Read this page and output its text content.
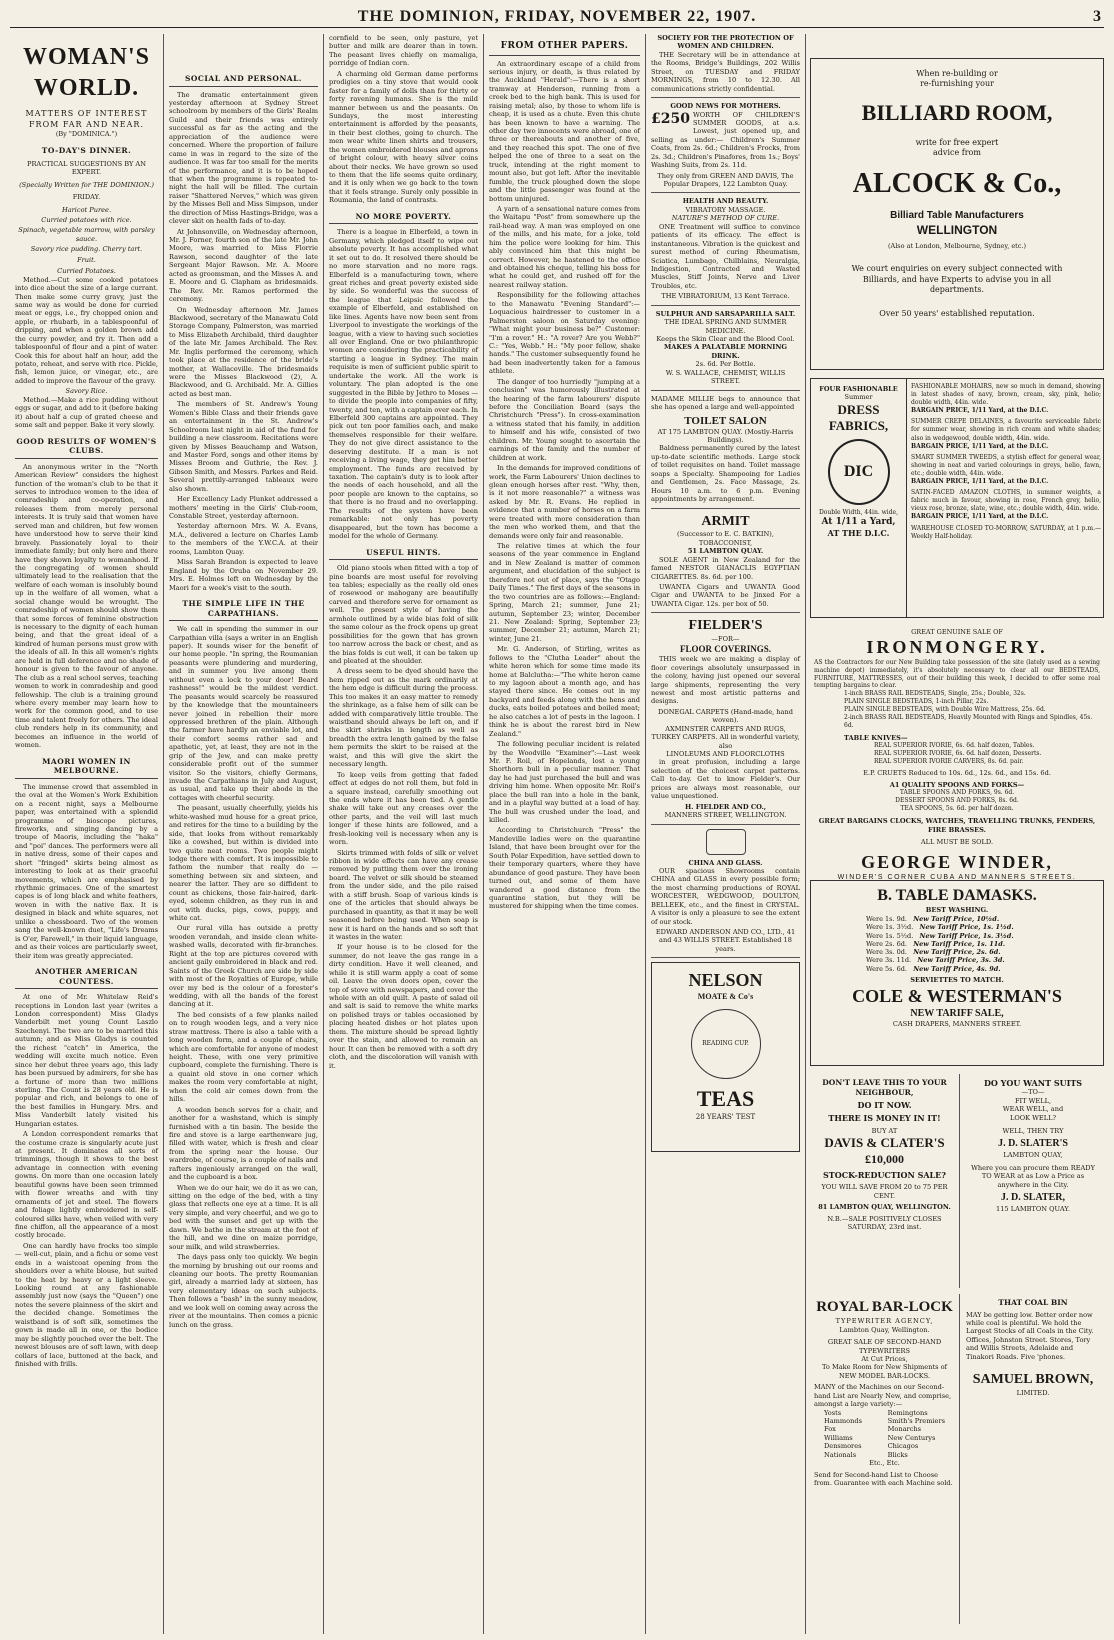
THE DOMINION, FRIDAY, NOVEMBER 22, 1907.	3
WOMAN'S WORLD.
MATTERS OF INTEREST FROM FAR AND NEAR.
(By "DOMINICA.")
TO-DAY'S DINNER.
PRACTICAL SUGGESTIONS BY AN EXPERT.
(Specially Written for THE DOMINION.)
FRIDAY.
Haricot Puree.
Curried potatoes with rice.
Spinach, vegetable marrow, with parsley sauce.
Savory rice pudding. Cherry tart.
Fruit.
Curried Potatoes.

Method.—Cut some cooked potatoes into dice about the size of a large currant. Then make some curry gravy, just the same way as would be done for curried meat or eggs, i.e., fry chopped onion and apple, or rhubarb, in a tablespoonful of dripping, and when a golden brown add the curry powder, and fry it. Then add a tablespoonful of flour and a pint of water. Cook this for about half an hour, add the potato, reheat, and serve with rice. Pickle, fish, lemon juice, or vinegar, etc., are added to improve the flavour of the gravy.

Savory Rice.

Method.—Make a rice pudding without eggs or sugar, and add to it (before baking it) about half a cup of grated cheese and some salt and pepper. Bake it very slowly.

GOOD RESULTS OF WOMEN'S CLUBS.

An anonymous writer in the "North American Review" considers the highest function of the woman's club to be that it serves to introduce women to the idea of comradeship and co-operation, and releases them from merely personal interests. It is truly said that women have served man and children, but few women have understood how to serve their kind bravely. Passionately loyal to their immediate family; but only here and there have they shown loyalty to womanhood. If the congregating of women should ultimately lead to the realisation that the welfare of each woman is insolubly bound up in the welfare of all women, what a social change would be wrought. The comradeship of women should show them that some forces of feminine obstruction is necessary to the dignity of each human being, and that the great ideal of a kindred of human persons must grow with the ideals of all. In this all women's rights are held in full deference and no shade of honour is given to the favour of anyone. The club as a real school serves, teaching women to work in comradeship and good fellowship. The club is a training ground where every member may learn how to work for the common good, and to use time and talent freely for others. The ideal club renders help in its community, and becomes an influence in the world of women.

MAORI WOMEN IN MELBOURNE.

The immense crowd that assembled in the oval at the Women's Work Exhibition on a recent night, says a Melbourne paper, was entertained with a splendid programme of bioscope pictures, fireworks, and singing dancing by a troupe of Maoris, including the "haka" and "poi" dances. The performers were all in native dress, some of their capes and short "fringed" skirts being almost as interesting to look at as their graceful movements, which are emphasised by rhythmic grimaces. One of the smartest capes is of long black and white feathers, woven in with the native flax. It is designed in black and white squares, not unlike a chessboard. Two of the women sang the well-known duet, "Life's Dreams is O'er, Farewell," in their liquid language, and as their voices are particularly sweet, their item was greatly appreciated.

ANOTHER AMERICAN COUNTESS.

At one of Mr. Whitelaw Reid's receptions in London last year (writes a London correspondent) Miss Gladys Vanderbilt met young Count Laszlo Szechenyi. The two are to be married this autumn; and as Miss Gladys is counted the richest "catch" in America, the wedding will excite much notice. Even since her debut three years ago, this lady has been pursued by admirers, for she has a fortune of more than two millions sterling. The Count is 28 years old. He is popular and rich, and belongs to one of the best families in Hungary. Mrs. and Miss Vanderbilt lately visited his Hungarian estates.

A London correspondent remarks that the costume craze is singularly acute just at present. It dominates all sorts of trimmings, though it shows to the best advantage in connection with evening gowns. On more than one occasion lately beautiful gowns have been seen trimmed with flower wreaths and with tiny ornaments of jet and steel. The flowers and foliage lightly embroidered in self-coloured silks have, when veiled with very fine chiffon, all the appearance of a most costly brocade.

One can hardly have frocks too simple — well-cut, plain, and a fichu or some vest ends in a waistcoat opening from the shoulders over a white blouse, but suited to the heat by heavy or a light sleeve. Looking round at any fashionable assembly just now (says the "Queen") one notes the severe plainness of the skirt and the decided change. Sometimes the waistband is of soft silk, sometimes the gown is made all in one, or the bodice may be slightly pouched over the belt. The newest blouses are of soft lawn, with deep collars of lace, buttoned at the back, and finished with frills.

SOCIAL AND PERSONAL.

The dramatic entertainment given yesterday afternoon at Sydney Street schoolroom by members of the Girls' Realm Guild and their friends was entirely successful as far as the acting and the appreciation of the audience were concerned. Where the proportion of failure came in was in regard to the size of the audience. It was far too small for the merits of the performance, and it is to be hoped that when the programme is repeated to-night the hall will be filled. The curtain raiser "Shattered Nerves," which was given by the Misses Bell and Miss Simpson, under the direction of Miss Hastings-Bridge, was a clever skit on health fads of to-day.

At Johnsonville, on Wednesday afternoon, Mr. J. Forner, fourth son of the late Mr. John Moore, was married to Miss Florrie Rawson, second daughter of the late Sergeant Major Rawson. Mr. A. Moore acted as groomsman, and the Misses A. and E. Moore and G. Clapham as bridesmaids. The Rev. Mr. Ramos performed the ceremony.

On Wednesday afternoon Mr. James Blackwood, secretary of the Manawatu Cold Storage Company, Palmerston, was married to Miss Elizabeth Archibald, third daughter of the late Mr. James Archibald. The Rev. Mr. Inglis performed the ceremony, which took place at the residence of the bride's mother, at Wallaceville. The bridesmaids were the Misses Blackwood (2), A. Blackwood, and G. Archibald. Mr. A. Gillies acted as best man.

The members of St. Andrew's Young Women's Bible Class and their friends gave an entertainment in the St. Andrew's Schoolroom last night in aid of the fund for building a new classroom. Recitations were given by Misses Beauchamp and Watson, and Master Ford, songs and other items by Misses Broom and Guthrie, the Rev. J. Gibson Smith, and Messrs. Parkes and Reid. Several prettily-arranged tableaux were also shown.

Her Excellency Lady Plunket addressed a mothers' meeting in the Girls' Club-room, Constable Street, yesterday afternoon.

Yesterday afternoon Mrs. W. A. Evans, M.A., delivered a lecture on Charles Lamb to the members of the Y.W.C.A. at their rooms, Lambton Quay.

Miss Sarah Brandon is expected to leave England by the Oruba on November 29. Mrs. E. Holmes left on Wednesday by the Maori for a week's visit to the south.

THE SIMPLE LIFE IN THE CARPATHIANS.

We call in spending the summer in our Carpathian villa (says a writer in an English paper). It sounds wiser for the benefit of our home people. "In spring, the Roumanian peasants were plundering and murdering, and in summer you live among them without even a lock to your door! Beard rashness!" would be the mildest verdict. The peasants would scarcely be reassured by the knowledge that the mountaineers never joined in rebellion their more oppressed brethren of the plain. Although the farmer have hardly an enviable lot, and their comfort seems rather sad and apathetic, yet, at least, they are not in the grip of the Jew, and can make pretty considerable profit out of the summer visitor. So the visitors, chiefly Germans, invade the Carpathians in July and August, as usual, and take up their abode in the cottages with cheerful security.

The peasant, usually cheerfully, yields his white-washed mud house for a great price, and retires for the time to a building by the side, that looks from without remarkably like a cowshed, but within is divided into two quite neat rooms. Two people might lodge there with comfort. It is impossible to fathom the number that really do — something between six and sixteen, and nearer the latter. They are so diffident to count as chickens, those fair-haired, dark-eyed, solemn children, as they run in and out with ducks, pigs, cows, puppy, and white cat.

Our rural villa has outside a pretty wooden verandah, and inside clean white-washed walls, decorated with fir-branches. Right at the top are pictures covered with ancient gaily embroidered in black and red. Saints of the Greek Church are side by side with most of the Royalties of Europe, while over my bed is the colour of a forester's wedding, with all the bands of the forest dancing at it.

The bed consists of a few planks nailed on to rough wooden legs, and a very nice straw mattress. There is also a table with a long wooden form, and a couple of chairs, which are comfortable for anyone of modest height. These, with one very primitive cupboard, complete the furnishing. There is a quaint old stove in one corner which makes the room very comfortable at night, when the cold air comes down from the hills.

A wooden bench serves for a chair, and another for a washstand, which is simply furnished with a tin basin. The beside the fire and stove is a large earthenware jug, filled with water, which is fresh and clear from the spring near the house. Our wardrobe, of course, is a couple of nails and rafters ingeniously arranged on the wall, and the cupboard is a box.

When we do our hair, we do it as we can, sitting on the edge of the bed, with a tiny glass that reflects one eye at a time. It is all very simple, and very cheerful, and we go to bed with the sunset and get up with the dawn. We bathe in the stream at the foot of the hill, and we dine on maize porridge, sour milk, and wild strawberries.

The days pass only too quickly. We begin the morning by brushing out our rooms and cleaning our boots. The pretty Roumanian girl, already a married lady at sixteen, has very elementary ideas on such subjects. Then follows a "bash" in the sunny meadow, and we look well on coming away across the river at the mountains. Then comes a picnic lunch on the grass.

cornfield to be seen, only pasture, yet butter and milk are dearer than in town. The peasant lives chiefly on mamaliga, porridge of Indian corn.

A charming old German dame performs prodigies on a tiny stove that would cook faster for a family of dolls than for thirty or forty ravening humans. She is the mild manner between us and the peasants. On Sundays, the most interesting entertainment is afforded by the peasants, in their best clothes, going to church. The men wear white linen shirts and trousers, the women embroidered blouses and aprons of bright colour, with heavy silver coins about their necks. We have grown so used to them that the life seems quite ordinary, and it is only when we go back to the town that it feels strange. Surely only possible in Roumania, the land of contrasts.

NO MORE POVERTY.

There is a league in Elberfeld, a town in Germany, which pledged itself to wipe out absolute poverty. It has accomplished what it set out to do. It resolved there should be no more starvation and no more rags. Elberfeld is a manufacturing town, where great riches and great poverty existed side by side. So wonderful was the success of the league that Leipsic followed the example of Elberfeld, and established on like lines. Agents have now been sent from Liverpool to investigate the workings of the league, with a view to having such societies all over England. One or two philanthropic women are considering the practicability of starting a league in Sydney. The main requisite is men of sufficient public spirit to undertake the work. All the work is voluntary. The plan adopted is the one suggested in the Bible by Jethro to Moses — to divide the people into companies of fifty, twenty, and ten, with a captain over each. In Elberfeld 300 captains are appointed. They pick out ten poor families each, and make themselves responsible for their welfare. They do not give direct assistance to the deserving destitute. If a man is not receiving a living wage, they get him better employment. The funds are received by taxation. The captain's duty is to look after the needs of each household, and all the poor people are known to the captains, so that there is no fraud and no overlapping. The results of the system have been remarkable: not only has poverty disappeared, but the town has become a model for the whole of Germany.

USEFUL HINTS.

Old piano stools when fitted with a top of pine boards are most useful for revolving tea tables; especially as the really old ones of rosewood or mahogany are beautifully carved and therefore serve for ornament as well. The present style of having the armhole outlined by a wide bias fold of silk the same colour as the frock opens up great possibilities for the gown that has grown too narrow across the back or chest, and as the bias folds is cut well, it can be taken up and pleated at the shoulder.

A dress seem to be dyed should have the hem ripped out as the mark ordinarily at the hem edge is difficult during the process. This too makes it an easy matter to remedy the shrinkage, as a false hem of silk can be added with comparatively little trouble. The waistband should always be left on, and if the skirt shrinks in length as well as breadth the extra length gained by the false hem permits the skirt to be raised at the waist, and this will give the skirt the necessary length.

To keep veils from getting that faded effect at edges do not roll them, but fold in a square instead, carefully smoothing out the ends where it has been tied. A gentle shake will take out any creases over the other parts, and the veil will last much longer if these hints are followed, and a fresh-looking veil is necessary when any is worn.

Skirts trimmed with folds of silk or velvet ribbon in wide effects can have any crease removed by putting them over the ironing board. The velvet or silk should be steamed from the under side, and the pile raised with a stiff brush. Soap of various kinds is one of the articles that should always be purchased in quantity, as that it may be well seasoned before being used. When soap is new it is hard on the hands and so soft that it wastes in the water.

If your house is to be closed for the summer, do not leave the gas range in a dirty condition. Have it well cleaned, and while it is still warm apply a coat of some oil. Leave the oven doors open, cover the top of stove with newspapers, and cover the whole with an old quilt. A paste of salad oil and salt is said to remove the white marks on polished trays or tables occasioned by placing heated dishes or hot plates upon them. The mixture should be spread lightly over the stain, and allowed to remain an hour. It can then be removed with a soft dry cloth, and the discoloration will vanish with it.

FROM OTHER PAPERS.

An extraordinary escape of a child from serious injury, or death, is thus related by the Auckland "Herald":—There is a short tramway at Henderson, running from a creek bed to the high bank. This is used for raising metal; also, by those to whom life is cheap, it is used as a chute. Even this chute has been known to have a warning. The other day two innocents were abroad, one of three or thereabouts and another of five, and they reached this spot. The one of five helped the one of three to a seat on the truck, intending at the right moment to mount also, but got left. After the inevitable fumble, the truck ploughed down the slope and the little passenger was found at the bottom uninjured.

A yarn of a sensational nature comes from the Waitapu "Post" from somewhere up the rail-head way. A man was employed on one of the mills, and his mate, for a joke, told him the police were looking for him. This ably convinced him that this might be correct. However, he hastened to the office and obtained his cheque, telling his boss for what he could get, and rushed off for the nearest railway station.

Responsibility for the following attaches to the Manawatu "Evening Standard":—Loquacious hairdresser to customer in a Palmerston saloon on Saturday evening: "What might your business be?" Customer: "I'm a rover." H.: "A rover? Are you Webb?" C.: "Yes, Webb." H.: "My poor fellow, shake hands." The customer subsequently found he had been inadvertently taken for a famous athlete.

The danger of too hurriedly "jumping at a conclusion" was humorously illustrated at the hearing of the farm labourers' dispute before the Conciliation Board (says the Christchurch "Press"). In cross-examination a witness stated that his family, in addition to himself and his wife, consisted of two children. Mr. Young sought to ascertain the earnings of the family and the number of children at work.

In the demands for improved conditions of work, the Farm Labourers' Union declines to glean enough horses after rest. "Why, then, is it not more reasonable?" a witness was asked by Mr. R. Evans. He replied in evidence that a number of horses on a farm were treated with more consideration than the men who worked them, and that the demands were only fair and reasonable.

The relative times at which the four seasons of the year commence in England and in New Zealand is matter of common argument, and elucidation of the subject is therefore not out of place, says the "Otago Daily Times." The first days of the seasons in the two countries are as follows:—England: Spring, March 21; summer, June 21; autumn, September 23; winter, December 21. New Zealand: Spring, September 23; summer, December 21; autumn, March 21; winter, June 21.

Mr. G. Anderson, of Stirling, writes as follows to the "Clutha Leader" about the white heron which for some time made its home at Balclutha:—"The white heron came to my lagoon about a month ago, and has stayed there since. He comes out in my backyard and feeds along with the hens and ducks, eats boiled potatoes and boiled meat; he also catches a lot of pests in the lagoon. I think he is about the rarest bird in New Zealand."

The following peculiar incident is related by the Woodville "Examiner":—Last week Mr. F. Roil, of Hopelands, lost a young Shorthorn bull in a peculiar manner. That day he had just purchased the bull and was driving him home. When opposite Mr. Roil's place the bull ran into a hole in the bank, and in a playful way butted at a load of hay. The bull was crushed under the load, and killed.

According to Christchurch "Press" the Mandeville ladies were on the quarantine Island, that have been brought over for the South Polar Expedition, have settled down to their temporary quarters, where they have abundance of good pasture. They have been turned out, and some of them have wandered a good distance from the quarantine station, but they will be mustered for shipping when the time comes.

SOCIETY FOR THE PROTECTION OF WOMEN AND CHILDREN.

THE Secretary will be in attendance at the Rooms, Bridge's Buildings, 202 Willis Street, on TUESDAY and FRIDAY MORNINGS, from 10 to 12.30. All communications strictly confidential.

GOOD NEWS FOR MOTHERS.
£250 WORTH OF CHILDREN'S SUMMER GOODS, at a.s. Lowest, just opened up, and selling as under:— Children's Summer Coats, from 2s. 6d.; Children's Frocks, from 2s. 3d.; Children's Pinafores, from 1s.; Boys' Washing Suits, from 2s. 11d.

They only from GREEN AND DAVIS, The Popular Drapers, 122 Lambton Quay.
HEALTH AND BEAUTY.
VIBRATORY MASSAGE.
NATURE'S METHOD OF CURE.

ONE Treatment will suffice to convince patients of its efficacy. The effect is instantaneous. Vibration is the quickest and surest method of curing Rheumatism, Sciatica, Lumbago, Chilblains, Neuralgia, Indigestion, Contracted and Wasted Muscles, Stiff Joints, Nerve and Liver Troubles, etc.

THE VIBRATORIUM, 13 Kent Terrace.
SULPHUR AND SARSAPARILLA SALT.
THE IDEAL SPRING AND SUMMER MEDICINE.
Keeps the Skin Clear and the Blood Cool.
MAKES A PALATABLE MORNING DRINK.
2s. 6d. Per Bottle.
W. S. WALLACE, CHEMIST, WILLIS STREET.

MADAME MILLIE begs to announce that she has opened a large and well-appointed

TOILET SALON
AT 175 LAMBTON QUAY. (Mostly-Harris Buildings).

Baldness permanently cured by the latest up-to-date scientific methods. Large stock of toilet requisites on hand. Toilet massage soaps a Specialty. Shampooing for Ladies and Gentlemen, 2s. Face Massage, 2s. Hours 10 a.m. to 6 p.m. Evening appointments by arrangement.

ARMIT
(Successor to E. C. BATKIN), TOBACCONIST,
51 LAMBTON QUAY.

SOLE AGENT in New Zealand for the famed NESTOR GIANACLIS EGYPTIAN CIGARETTES. 8s. 6d. per 100.

UWANTA Cigars and UWANTA Good Cigar and UWANTA to be Jinxed For a UWANTA Cigar. 12s. per box of 50.

FIELDER'S
—FOR—
FLOOR COVERINGS.

THIS week we are making a display of floor coverings absolutely unsurpassed in the colony, having just opened our several large shipments, representing the very newest and most artistic patterns and designs.

DONEGAL CARPETS (Hand-made, hand woven).
AXMINSTER CARPETS AND RUGS, TURKEY CARPETS. All in wonderful variety, also
LINOLEUMS AND FLOORCLOTHS

in great profusion, including a large selection of the choicest carpet patterns. Call to-day. Get to know Fielder's. Our prices are always most reasonable, our value unquestioned.

H. FIELDER AND CO.,
MANNERS STREET, WELLINGTON.
CHINA AND GLASS.

OUR spacious Showrooms contain CHINA and GLASS in every possible form; the most charming productions of ROYAL WORCESTER, WEDGWOOD, DOULTON, BELLEEK, etc., and the finest in CRYSTAL. A visitor is only a pleasure to see the extent of our stock.

EDWARD ANDERSON AND CO., LTD., 41 and 43 WILLIS STREET. Established 18 years.
NELSON
MOATE & Co's
READING CUP.
TEAS
28 YEARS' TEST
When re-building or
re-furnishing your
BILLIARD ROOM,
write for free expert
advice from
ALCOCK & Co.,
Billiard Table Manufacturers
WELLINGTON
(Also at London, Melbourne, Sydney, etc.)
We court enquiries on every subject connected with Billiards, and have Experts to advise you in all departments.
Over 50 years' established reputation.
FOUR FASHIONABLE
Summer
DRESS FABRICS,
DIC
Double Width, 44in. wide,
At 1/11 a Yard,
AT THE D.I.C.
FASHIONABLE MOHAIRS, new so much in demand, showing in latest shades of navy, brown, cream, sky, pink, helio; double width, 44in. wide.
BARGAIN PRICE, 1/11 Yard, at the D.I.C.
SUMMER CREPE DELAINES, a favourite serviceable fabric for summer wear, showing in rich cream and white shades; also in wedgewood, double width, 44in. wide.
BARGAIN PRICE, 1/11 Yard, at the D.I.C.
SMART SUMMER TWEEDS, a stylish effect for general wear, showing in neat and varied colourings in greys, helio, fawn, etc.; double width, 44in. wide.
BARGAIN PRICE, 1/11 Yard, at the D.I.C.
SATIN-FACED AMAZON CLOTHS, in summer weights, a fabric much in favour, showing in rose, French grey, helio, vieux rose, bronze, slate, wine, etc.; double width, 44in. wide.
BARGAIN PRICE, 1/11 Yard, at the D.I.C.
WAREHOUSE CLOSED TO-MORROW, SATURDAY, at 1 p.m.—Weekly Half-holiday.
GREAT GENUINE SALE OF
IRONMONGERY.

AS the Contractors for our New Building take possession of the site (lately used as a sewing machine depot) immediately, it's absolutely necessary to clear all our BEDSTEADS, FURNITURE, MATTRESSES, out of their building this week, I decided to offer some real tempting bargains to clear.

1-inch BRASS RAIL BEDSTEADS, Single, 25s.; Double, 32s.
PLAIN SINGLE BEDSTEADS, 1-inch Pillar, 22s.
PLAIN SINGLE BEDSTEADS, with Double Wire Mattress, 25s. 6d.
2-inch BRASS RAIL BEDSTEADS, Heavily Mounted with Rings and Spindles, 45s. 6d.
TABLE KNIVES—
REAL SUPERIOR IVORIE, 6s. 6d. half dozen, Tables.
REAL SUPERIOR IVORIE, 6s. 6d. half dozen, Desserts.
REAL SUPERIOR IVORIE CARVERS, 8s. 6d. pair.
E.P. CRUETS Reduced to 10s. 6d., 12s. 6d., and 15s. 6d.
A1 QUALITY SPOONS AND FORKS—
TABLE SPOONS AND FORKS, 9s. 6d.
DESSERT SPOONS AND FORKS, 8s. 6d.
TEA SPOONS, 5s. 6d. per half dozen.
GREAT BARGAINS CLOCKS, WATCHES, TRAVELLING TRUNKS, FENDERS, FIRE BRASSES.
ALL MUST BE SOLD.
GEORGE WINDER,
WINDER'S CORNER CUBA AND MANNERS STREETS.
B. TABLE DAMASKS.
BEST WASHING.
Were 1s. 9d. New Tariff Price, 10½d.
Were 1s. 3½d. New Tariff Price, 1s. 1½d.
Were 1s. 5½d. New Tariff Price, 1s. 3½d.
Were 2s. 6d. New Tariff Price, 1s. 11d.
Were 3s. 0d. New Tariff Price, 2s. 6d.
Were 3s. 11d. New Tariff Price, 3s. 3d.
Were 5s. 6d. New Tariff Price, 4s. 9d.
SERVIETTES TO MATCH.
COLE & WESTERMAN'S
NEW TARIFF SALE,
CASH DRAPERS, MANNERS STREET.
DON'T LEAVE THIS TO YOUR NEIGHBOUR,
DO IT NOW.
THERE IS MONEY IN IT!
BUY AT
DAVIS & CLATER'S
£10,000
STOCK-REDUCTION SALE?
YOU WILL SAVE FROM 20 to 75 PER CENT.
81 LAMBTON QUAY, WELLINGTON.
N.B.—SALE POSITIVELY CLOSES SATURDAY, 23rd inst.
DO YOU WANT SUITS
—TO—
FIT WELL,
WEAR WELL, and
LOOK WELL?
WELL, THEN TRY
J. D. SLATER'S
LAMBTON QUAY,

Where you can procure them READY TO WEAR at as Low a Price as anywhere in the City.

J. D. SLATER,
115 LAMBTON QUAY.
ROYAL BAR-LOCK
TYPEWRITER AGENCY,
Lambton Quay, Wellington.
GREAT SALE OF SECOND-HAND TYPEWRITERS
At Cut Prices,
To Make Room for New Shipments of NEW MODEL BAR-LOCKS.

MANY of the Machines on our Second-hand List are Nearly New, and comprise, amongst a large variety:—

Yosts
Hammonds
Fox
Williams
Densmores
Nationals
Remingtons
Smith's Premiers
Monarchs
New Centurys
Chicagos
Blicks
Etc., Etc.

Send for Second-hand List to Choose from. Guarantee with each Machine sold.

THAT COAL BIN

MAY be getting low. Better order now while coal is plentiful. We hold the Largest Stocks of all Coals in the City. Offices, Johnston Street. Stores, Tory and Willis Streets, Adelaide and Tinakori Roads. Five 'phones.

SAMUEL BROWN,
LIMITED.
